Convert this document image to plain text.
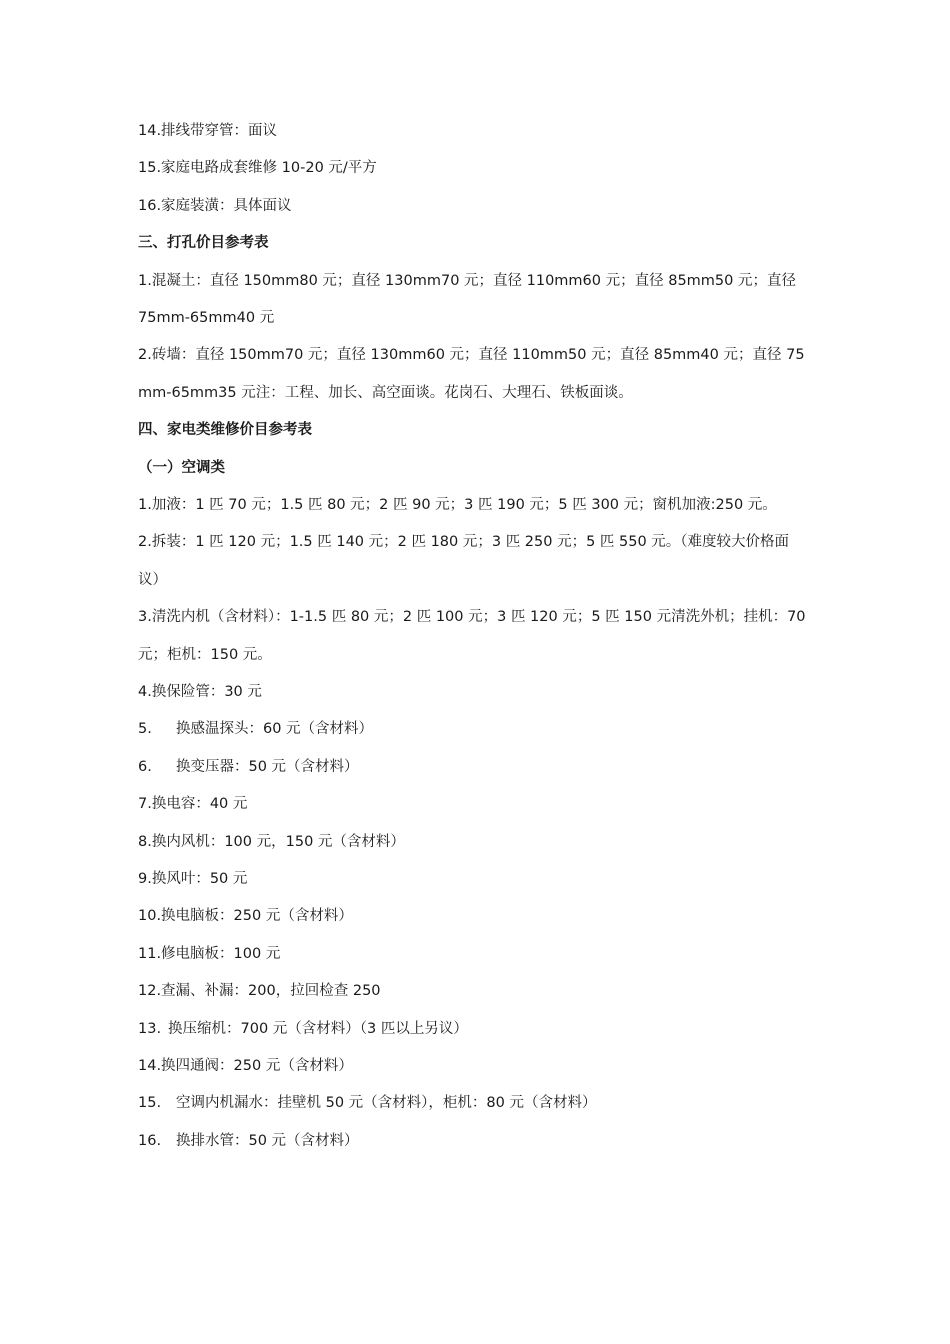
14.排线带穿管：面议
15.家庭电路成套维修 10-20 元/平方
16.家庭装潢：具体面议
三、打孔价目参考表
1.混凝土：直径 150mm80 元；直径 130mm70 元；直径 110mm60 元；直径 85mm50 元；直径 75mm-65mm40 元
2.砖墙：直径 150mm70 元；直径 130mm60 元；直径 110mm50 元；直径 85mm40 元；直径 75mm-65mm35 元注：工程、加长、高空面谈。花岗石、大理石、铁板面谈。
四、家电类维修价目参考表
（一）空调类
1.加液：1 匹 70 元；1.5 匹 80 元；2 匹 90 元；3 匹 190 元；5 匹 300 元；窗机加液:250 元。
2.拆装：1 匹 120 元；1.5 匹 140 元；2 匹 180 元；3 匹 250 元；5 匹 550 元。（难度较大价格面议）
3.清洗内机（含材料）：1-1.5 匹 80 元；2 匹 100 元；3 匹 120 元；5 匹 150 元清洗外机；挂机：70 元；柜机：150 元。
4.换保险管：30 元
5. 换感温探头：60 元（含材料）
6. 换变压器：50 元（含材料）
7.换电容：40 元
8.换内风机：100 元，150 元（含材料）
9.换风叶：50 元
10.换电脑板：250 元（含材料）
11.修电脑板：100 元
12.查漏、补漏：200，拉回检查 250
13. 换压缩机：700 元（含材料）（3 匹以上另议）
14.换四通阀：250 元（含材料）
15. 空调内机漏水：挂壁机 50 元（含材料），柜机：80 元（含材料）
16. 换排水管：50 元（含材料）
